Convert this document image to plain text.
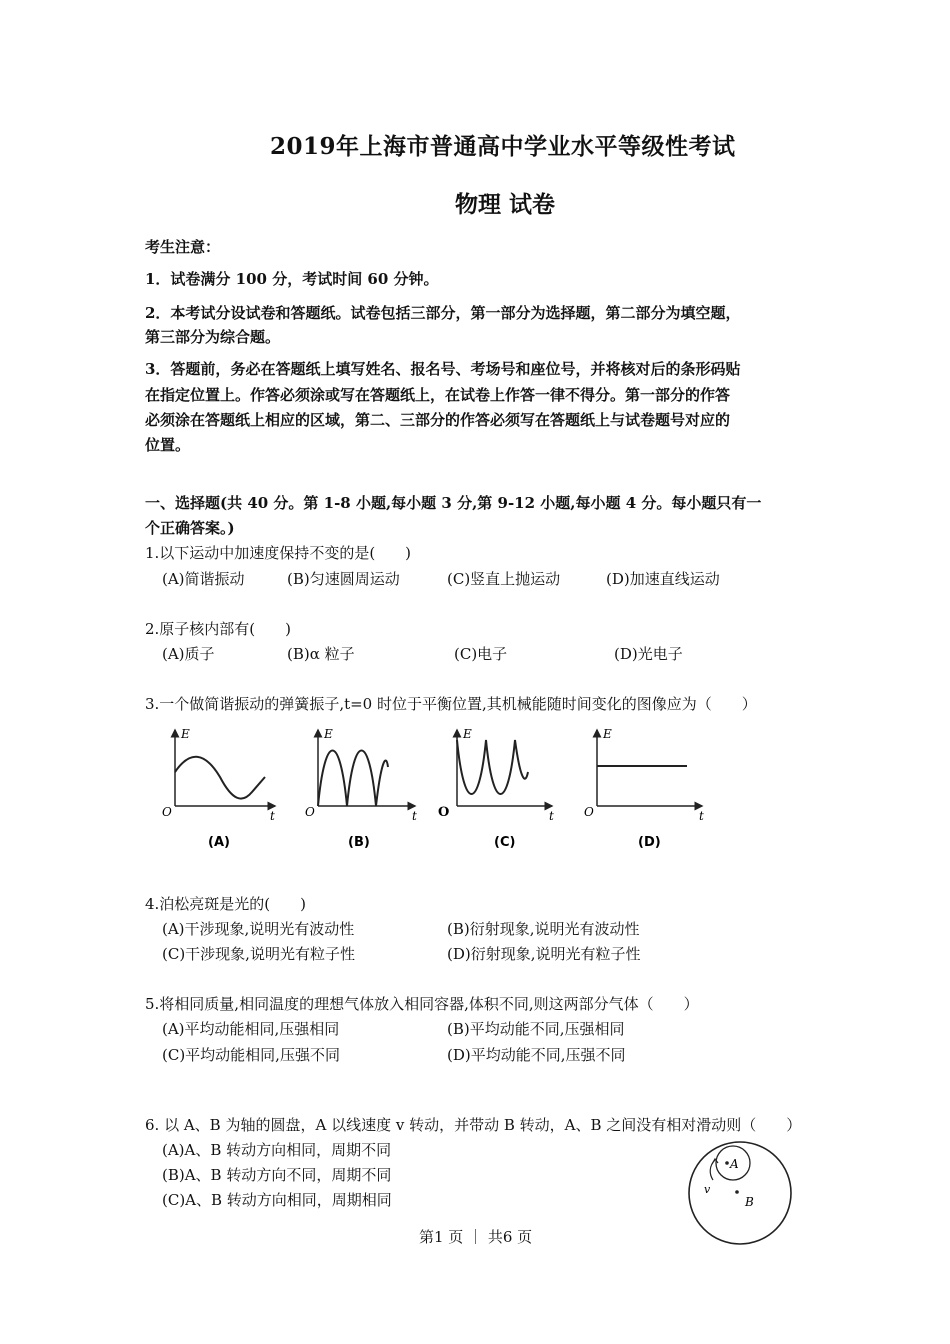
2019年上海市普通高中学业水平等级性考试
物理 试卷
考生注意：
1．试卷满分 100 分，考试时间 60 分钟。
2．本考试分设试卷和答题纸。试卷包括三部分，第一部分为选择题，第二部分为填空题，
第三部分为综合题。
3．答题前，务必在答题纸上填写姓名、报名号、考场号和座位号，并将核对后的条形码贴
在指定位置上。作答必须涂或写在答题纸上，在试卷上作答一律不得分。第一部分的作答
必须涂在答题纸上相应的区域，第二、三部分的作答必须写在答题纸上与试卷题号对应的
位置。
一、选择题(共 40 分。第 1-8 小题,每小题 3 分,第 9-12 小题,每小题 4 分。每小题只有一
个正确答案。)
1.以下运动中加速度保持不变的是(　　)
(A)简谐振动	(B)匀速圆周运动	(C)竖直上抛运动	(D)加速直线运动
2.原子核内部有(　　)
(A)质子	(B)α 粒子	(C)电子	(D)光电子
3.一个做简谐振动的弹簧振子,t=0 时位于平衡位置,其机械能随时间变化的图像应为（　　）
E
O	t
E
O	t
E
O	t
E
O	t
(A)	(B)	(C)	(D)
4.泊松亮斑是光的(　　)
(A)干涉现象,说明光有波动性	(B)衍射现象,说明光有波动性
(C)干涉现象,说明光有粒子性	(D)衍射现象,说明光有粒子性
5.将相同质量,相同温度的理想气体放入相同容器,体积不同,则这两部分气体（　　）
(A)平均动能相同,压强相同	(B)平均动能不同,压强相同
(C)平均动能相同,压强不同	(D)平均动能不同,压强不同
6. 以 A、B 为轴的圆盘，A 以线速度 v 转动，并带动 B 转动，A、B 之间没有相对滑动则（　　）
(A)A、B 转动方向相同，周期不同
(B)A、B 转动方向不同，周期不同
(C)A、B 转动方向相同，周期相同
A
B
v
第1 页 ｜ 共6 页
